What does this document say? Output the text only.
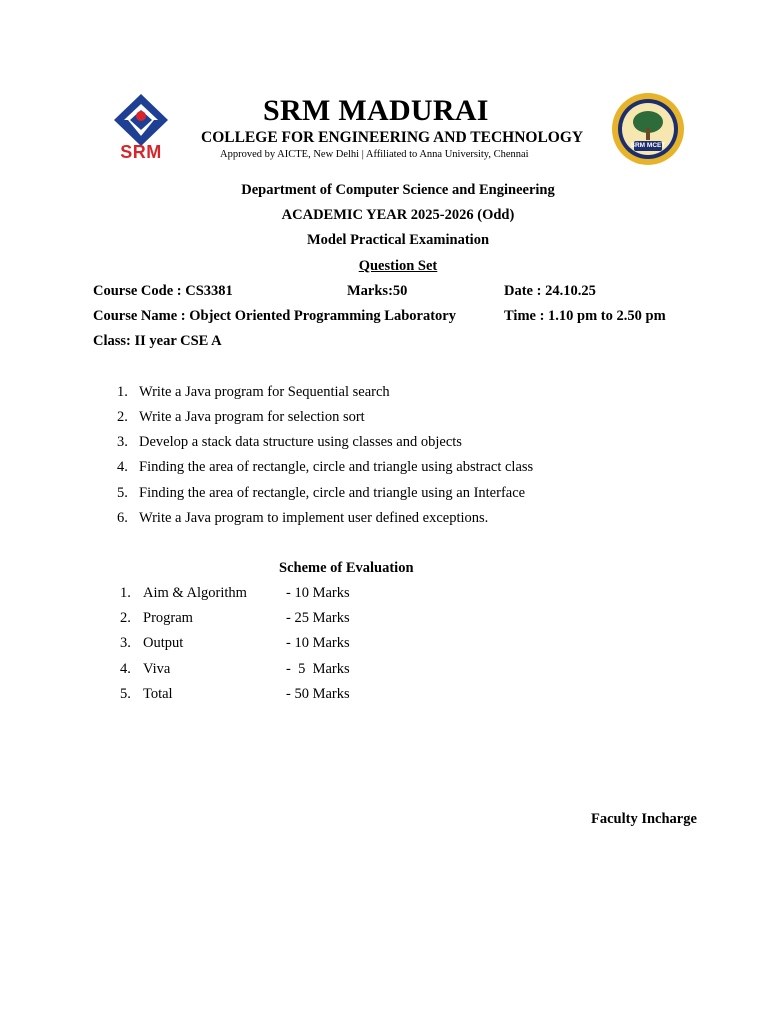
SRM
SRM MADURAI
COLLEGE FOR ENGINEERING AND TECHNOLOGY
Approved by AICTE, New Delhi | Affiliated to Anna University, Chennai
SRM MCET
Department of Computer Science and Engineering
ACADEMIC YEAR 2025-2026 (Odd)
Model Practical Examination
Question Set
Course Code : CS3381	Marks:50	Date : 24.10.25
Course Name : Object Oriented Programming Laboratory	Time : 1.10 pm to 2.50 pm
Class: II year CSE A
1. Write a Java program for Sequential search
2. Write a Java program for selection sort
3. Develop a stack data structure using classes and objects
4. Finding the area of rectangle, circle and triangle using abstract class
5. Finding the area of rectangle, circle and triangle using an Interface
6. Write a Java program to implement user defined exceptions.
Scheme of Evaluation
1. Aim & Algorithm	- 10 Marks
2. Program	- 25 Marks
3. Output	- 10 Marks
4. Viva	-  5  Marks
5. Total	- 50 Marks
Faculty Incharge
